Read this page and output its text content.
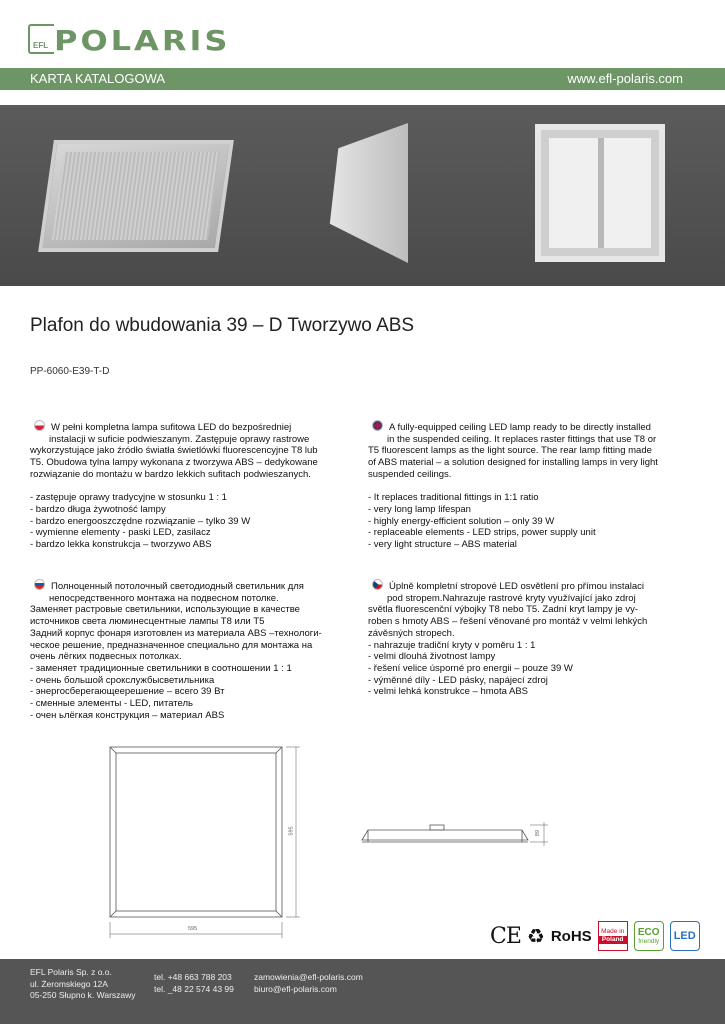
EFL POLARIS
KARTA KATALOGOWA	www.efl-polaris.com
Plafon do wbudowania 39 – D Tworzywo ABS
PP-6060-E39-T-D

W pełni kompletna lampa sufitowa LED do bezpośredniej

instalacji w suficie podwieszanym. Zastępuje oprawy rastrowe

wykorzystujące jako źródło światła świetlówki fluorescencyjne T8 lub

T5. Obudowa tylna lampy wykonana z tworzywa ABS – dedykowane

rozwiązanie do montażu w bardzo lekkich sufitach podwieszanych.

- zastępuje oprawy tradycyjne w stosunku 1 : 1

- bardzo długa żywotność lampy

- bardzo energooszczędne rozwiązanie – tylko 39 W

- wymienne elementy - paski LED, zasilacz

- bardzo lekka konstrukcja – tworzywo ABS

A fully-equipped ceiling LED lamp ready to be directly installed

in the suspended ceiling. It replaces raster fittings that use T8 or

T5 fluorescent lamps as the light source. The rear lamp fitting made

of ABS material – a solution designed for installing lamps in very light

suspended ceilings.

- It replaces traditional fittings in 1:1 ratio

- very long lamp lifespan

- highly energy-efficient solution – only 39 W

- replaceable elements - LED strips, power supply unit

- very light structure – ABS material

Полноценный потолочный светодиодный светильник для

непосредственного монтажа на подвесном потолке.

Заменяет растровые светильники, использующие в качестве

источников света люминесцентные лампы T8 или T5

Задний корпус фонаря изготовлен из материала ABS –технологи-

ческое решение, предназначенное специально для монтажа на

очень лёгких подвесных потолках.

- заменяет традиционные светильники в соотношении 1 : 1

- очень большой срокслужбысветильника

- энергосберегающеерешение – всего 39 Вт

- сменные элементы - LED, питатель

- очен ьлёгкая конструкция – материал ABS

Úplně kompletní stropové LED osvětlení pro přímou instalaci

pod stropem.Nahrazuje rastrové kryty využívající jako zdroj

světla fluorescenční výbojky T8 nebo T5. Zadní kryt lampy je vy-

roben s hmoty ABS – řešení věnované pro montáž v velmi lehkých

závěsných stropech.

- nahrazuje tradiční kryty v poměru 1 : 1

- velmi dlouhá životnost lampy

- řešení velice úsporné pro energii – pouze 39 W

- výměnné díly - LED pásky, napájecí zdroj

- velmi lehká konstrukce – hmota ABS

595
595	89
CE ♻ RoHS	Made in
Poland
ECO
friendly	LED
EFL Polaris Sp. z o.o.
ul. Żeromskiego 12A
05-250 Słupno k. Warszawy
tel. +48 663 788 203
tel. _48 22 574 43 99
zamowienia@efl-polaris.com
biuro@efl-polaris.com
